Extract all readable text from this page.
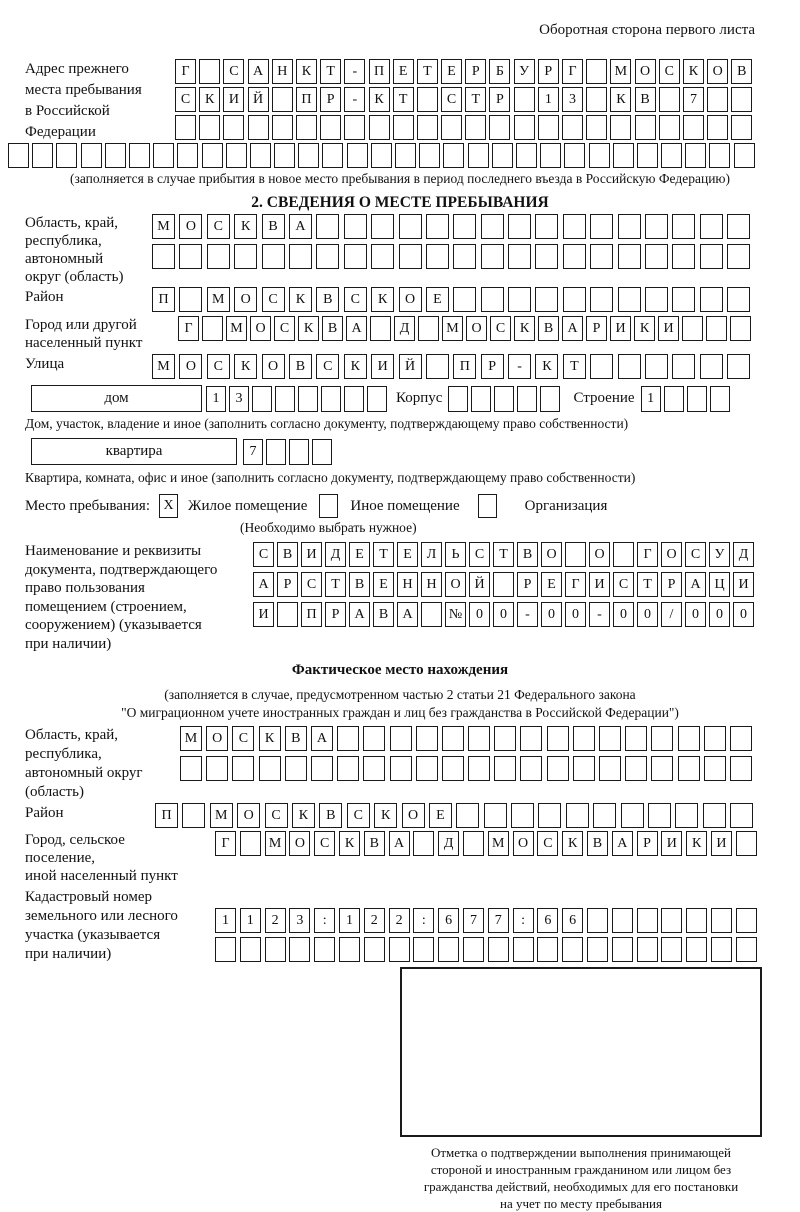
Оборотная сторона первого листа
Адрес прежнего
места пребывания
в Российской
Федерации
Г	С	А	Н	К	Т	-	П	Е	Т	Е	Р	Б	У	Р	Г	М О	С	К	О	В
С	К	И	Й	П	Р	-	К	Т	С	Т	Р	1	3	К	В	7
(заполняется в случае прибытия в новое место пребывания в период последнего въезда в Российскую Федерацию)
2. СВЕДЕНИЯ О МЕСТЕ ПРЕБЫВАНИЯ
Область, край,
республика,
автономный
округ (область)
М	О	С	К	В	А
Район	П	М	О	С	К	В	С	К	О	Е
Город или другой
населенный пункт
Г	М О	С	К	В	А	Д	М О	С	К	В	А	Р	И	К	И
Улица	М	О	С	К	О	В	С	К	И	Й	П	Р	-	К	Т
дом	1	3	Корпус	Строение 1
Дом, участок, владение и иное (заполнить согласно документу, подтверждающему право собственности)
квартира	7
Квартира, комната, офис и иное (заполнить согласно документу, подтверждающему право собственности)
Место пребывания: X Жилое помещение	Иное помещение	Организация
(Необходимо выбрать нужное)
Наименование и реквизиты
документа, подтверждающего
право пользования
помещением (строением,
сооружением) (указывается
при наличии)
С	В	И	Д	Е	Т	Е	Л	Ь	С	Т	В	О	О	Г	О	С	У	Д
А	Р	С	Т	В	Е	Н Н О Й	Р	Е	Г	И	С	Т	Р	А Ц И
И	П	Р	А	В	А	№ 0	0	-	0	0	-	0	0	/	0	0	0
Фактическое место нахождения
(заполняется в случае, предусмотренном частью 2 статьи 21 Федерального закона
"О миграционном учете иностранных граждан и лиц без гражданства в Российской Федерации")
Область, край,
республика,
автономный округ
(область)
М	О	С	К	В	А
Район	П	М	О	С	К	В	С	К	О	Е
Город, сельское поселение,
иной населенный пункт
Г	М О	С	К	В	А	Д	М О	С	К	В	А	Р	И	К	И
Кадастровый номер
земельного или лесного
участка (указывается
при наличии)
1	1	2	3	:	1	2	2	:	6	7	7	:	6	6
Отметка о подтверждении выполнения принимающей
стороной и иностранным гражданином или лицом без
гражданства действий, необходимых для его постановки
на учет по месту пребывания
